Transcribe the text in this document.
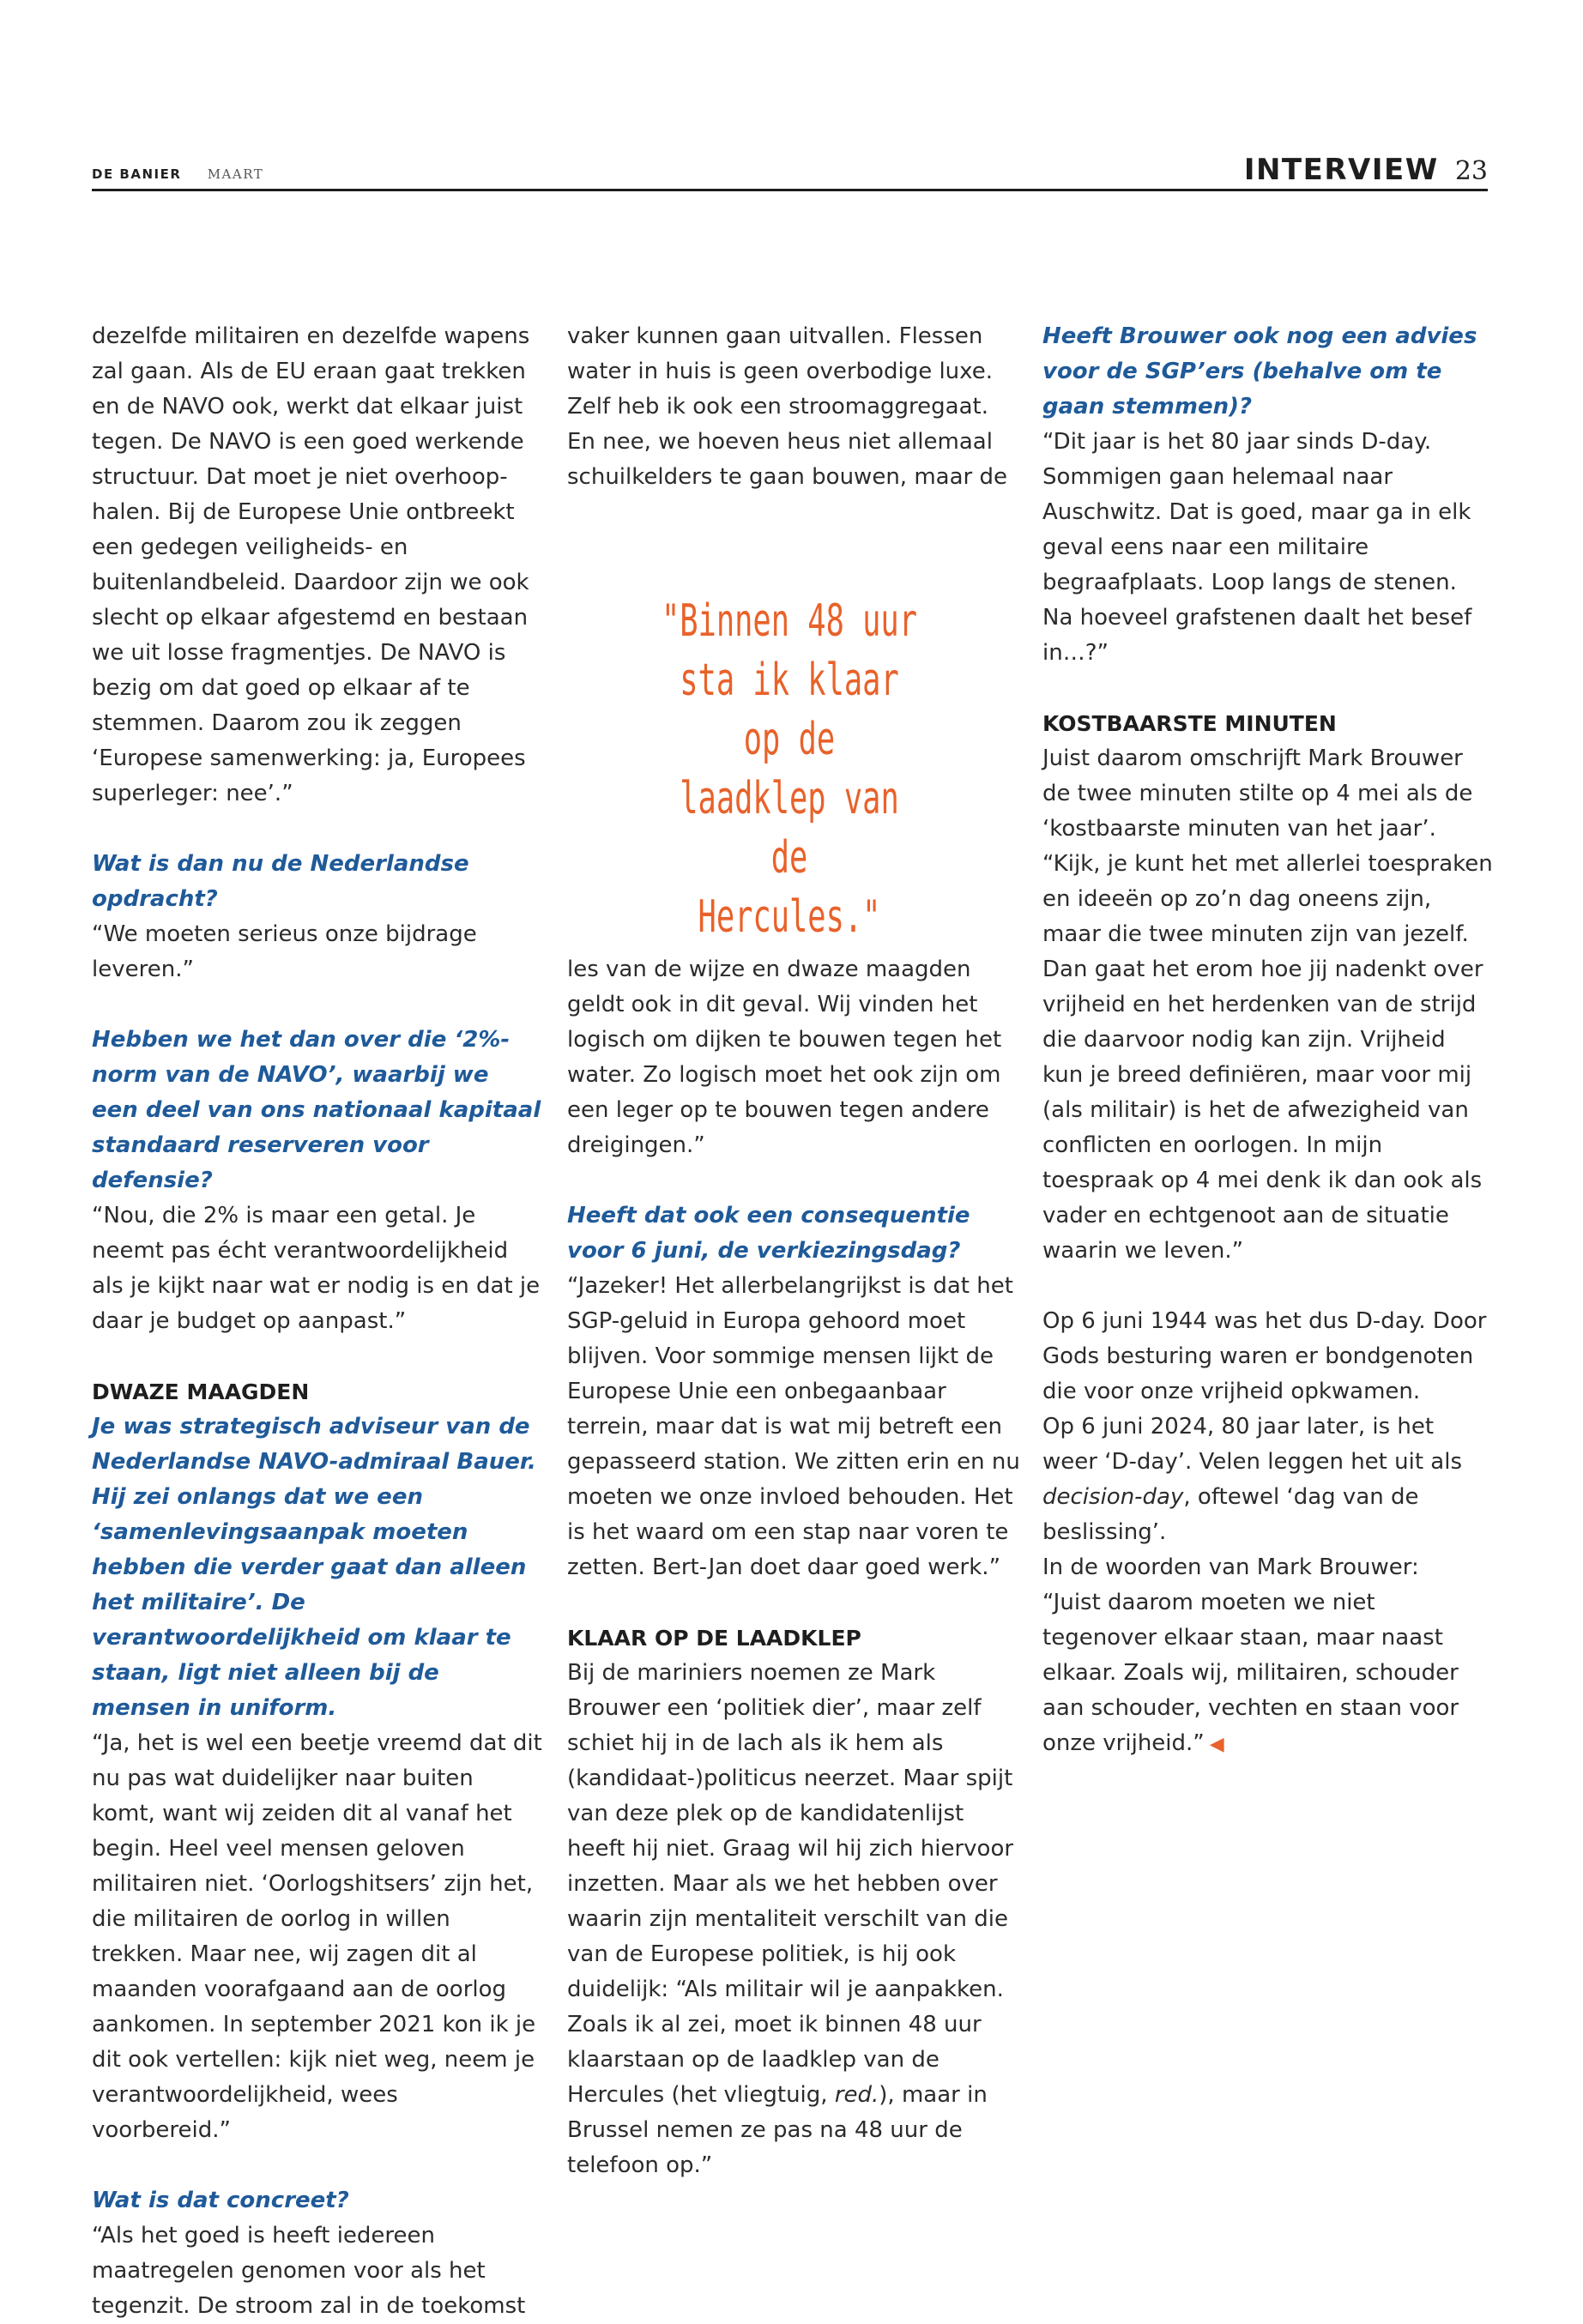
DE BANIER MAART	INTERVIEW 23

dezelfde militairen en dezelfde wapens zal gaan. Als de EU eraan gaat trekken en de NAVO ook, werkt dat elkaar juist tegen. De NAVO is een goed werkende structuur. Dat moet je niet overhoophalen. Bij de Europese Unie ontbreekt een gedegen veiligheids- en buitenlandbeleid. Daardoor zijn we ook slecht op elkaar afgestemd en bestaan we uit losse fragmentjes. De NAVO is bezig om dat goed op elkaar af te stemmen. Daarom zou ik zeggen ‘Europese samenwerking: ja, Europees superleger: nee’.”

Wat is dan nu de Nederlandse opdracht?

“We moeten serieus onze bijdrage leveren.”

Hebben we het dan over die ‘2%-norm van de NAVO’, waarbij we een deel van ons nationaal kapitaal standaard reserveren voor defensie?

“Nou, die 2% is maar een getal. Je neemt pas écht verantwoordelijkheid als je kijkt naar wat er nodig is en dat je daar je budget op aanpast.”

DWAZE MAAGDEN

Je was strategisch adviseur van de Nederlandse NAVO-admiraal Bauer. Hij zei onlangs dat we een ‘samenlevingsaanpak moeten hebben die verder gaat dan alleen het militaire’. De verantwoordelijkheid om klaar te staan, ligt niet alleen bij de mensen in uniform.

“Ja, het is wel een beetje vreemd dat dit nu pas wat duidelijker naar buiten komt, want wij zeiden dit al vanaf het begin. Heel veel mensen geloven militairen niet. ‘Oorlogshitsers’ zijn het, die militairen de oorlog in willen trekken. Maar nee, wij zagen dit al maanden voorafgaand aan de oorlog aankomen. In september 2021 kon ik je dit ook vertellen: kijk niet weg, neem je verantwoordelijkheid, wees voorbereid.”

Wat is dat concreet?

“Als het goed is heeft iedereen maatregelen genomen voor als het tegenzit. De stroom zal in de toekomst

vaker kunnen gaan uitvallen. Flessen water in huis is geen overbodige luxe. Zelf heb ik ook een stroomaggregaat. En nee, we hoeven heus niet allemaal schuilkelders te gaan bouwen, maar de

"Binnen 48 uur
sta ik klaar op de
laadklep van de
Hercules."

les van de wijze en dwaze maagden geldt ook in dit geval. Wij vinden het logisch om dijken te bouwen tegen het water. Zo logisch moet het ook zijn om een leger op te bouwen tegen andere dreigingen.”

Heeft dat ook een consequentie voor 6 juni, de verkiezingsdag?

“Jazeker! Het allerbelangrijkst is dat het SGP-geluid in Europa gehoord moet blijven. Voor sommige mensen lijkt de Europese Unie een onbegaanbaar terrein, maar dat is wat mij betreft een gepasseerd station. We zitten erin en nu moeten we onze invloed behouden. Het is het waard om een stap naar voren te zetten. Bert-Jan doet daar goed werk.”

KLAAR OP DE LAADKLEP

Bij de mariniers noemen ze Mark Brouwer een ‘politiek dier’, maar zelf schiet hij in de lach als ik hem als (kandidaat-)politicus neerzet. Maar spijt van deze plek op de kandidatenlijst heeft hij niet. Graag wil hij zich hiervoor inzetten. Maar als we het hebben over waarin zijn mentaliteit verschilt van die van de Europese politiek, is hij ook duidelijk: “Als militair wil je aanpakken. Zoals ik al zei, moet ik binnen 48 uur klaarstaan op de laadklep van de Hercules (het vliegtuig, red.), maar in Brussel nemen ze pas na 48 uur de telefoon op.”

Heeft Brouwer ook nog een advies voor de SGP’ers (behalve om te gaan stemmen)?

“Dit jaar is het 80 jaar sinds D-day. Sommigen gaan helemaal naar Auschwitz. Dat is goed, maar ga in elk geval eens naar een militaire begraafplaats. Loop langs de stenen. Na hoeveel grafstenen daalt het besef in…?”

KOSTBAARSTE MINUTEN

Juist daarom omschrijft Mark Brouwer de twee minuten stilte op 4 mei als de ‘kostbaarste minuten van het jaar’. “Kijk, je kunt het met allerlei toespraken en ideeën op zo’n dag oneens zijn, maar die twee minuten zijn van jezelf. Dan gaat het erom hoe jij nadenkt over vrijheid en het herdenken van de strijd die daarvoor nodig kan zijn. Vrijheid kun je breed definiëren, maar voor mij (als militair) is het de afwezigheid van conflicten en oorlogen. In mijn toespraak op 4 mei denk ik dan ook als vader en echtgenoot aan de situatie waarin we leven.”

Op 6 juni 1944 was het dus D-day. Door Gods besturing waren er bondgenoten die voor onze vrijheid opkwamen.

Op 6 juni 2024, 80 jaar later, is het weer ‘D-day’. Velen leggen het uit als decision-day, oftewel ‘dag van de beslissing’.

In de woorden van Mark Brouwer:

“Juist daarom moeten we niet tegenover elkaar staan, maar naast elkaar. Zoals wij, militairen, schouder aan schouder, vechten en staan voor onze vrijheid.” ◀
